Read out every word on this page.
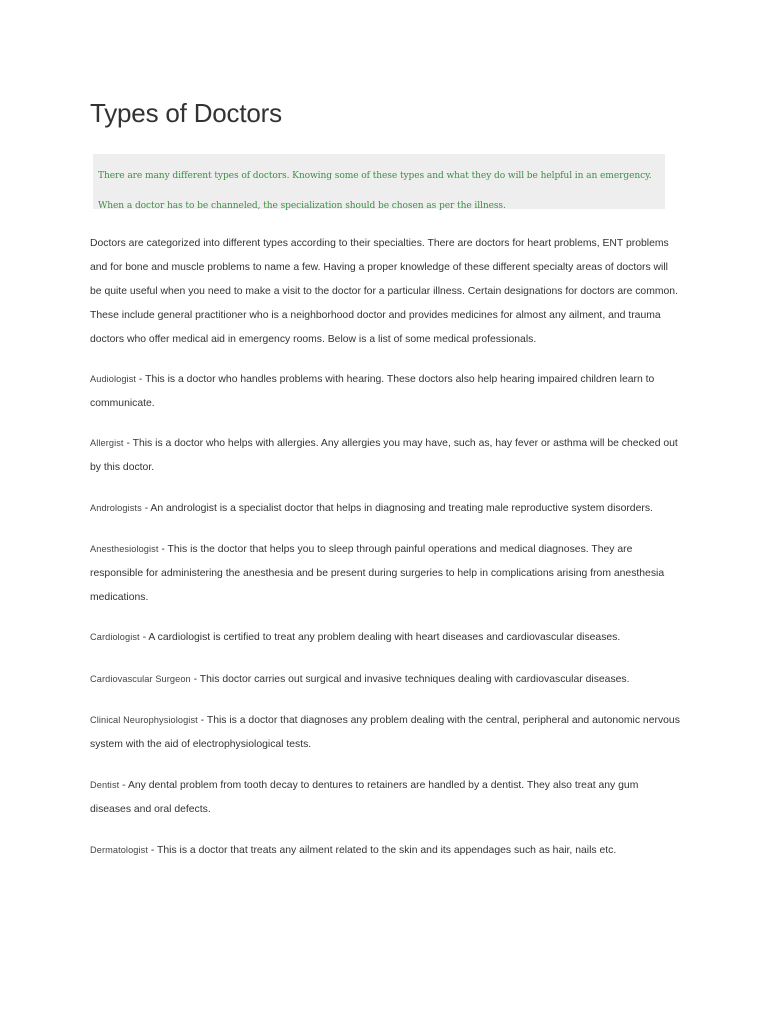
Types of Doctors
There are many different types of doctors. Knowing some of these types and what they do will be helpful in an emergency. When a doctor has to be channeled, the specialization should be chosen as per the illness.

Doctors are categorized into different types according to their specialties. There are doctors for heart problems, ENT problems and for bone and muscle problems to name a few. Having a proper knowledge of these different specialty areas of doctors will be quite useful when you need to make a visit to the doctor for a particular illness. Certain designations for doctors are common. These include general practitioner who is a neighborhood doctor and provides medicines for almost any ailment, and trauma doctors who offer medical aid in emergency rooms. Below is a list of some medical professionals.

Audiologist - This is a doctor who handles problems with hearing. These doctors also help hearing impaired children learn to communicate.

Allergist - This is a doctor who helps with allergies. Any allergies you may have, such as, hay fever or asthma will be checked out by this doctor.

Andrologists - An andrologist is a specialist doctor that helps in diagnosing and treating male reproductive system disorders.

Anesthesiologist - This is the doctor that helps you to sleep through painful operations and medical diagnoses. They are responsible for administering the anesthesia and be present during surgeries to help in complications arising from anesthesia medications.

Cardiologist - A cardiologist is certified to treat any problem dealing with heart diseases and cardiovascular diseases.

Cardiovascular Surgeon - This doctor carries out surgical and invasive techniques dealing with cardiovascular diseases.

Clinical Neurophysiologist - This is a doctor that diagnoses any problem dealing with the central, peripheral and autonomic nervous system with the aid of electrophysiological tests.

Dentist - Any dental problem from tooth decay to dentures to retainers are handled by a dentist. They also treat any gum diseases and oral defects.

Dermatologist - This is a doctor that treats any ailment related to the skin and its appendages such as hair, nails etc.
